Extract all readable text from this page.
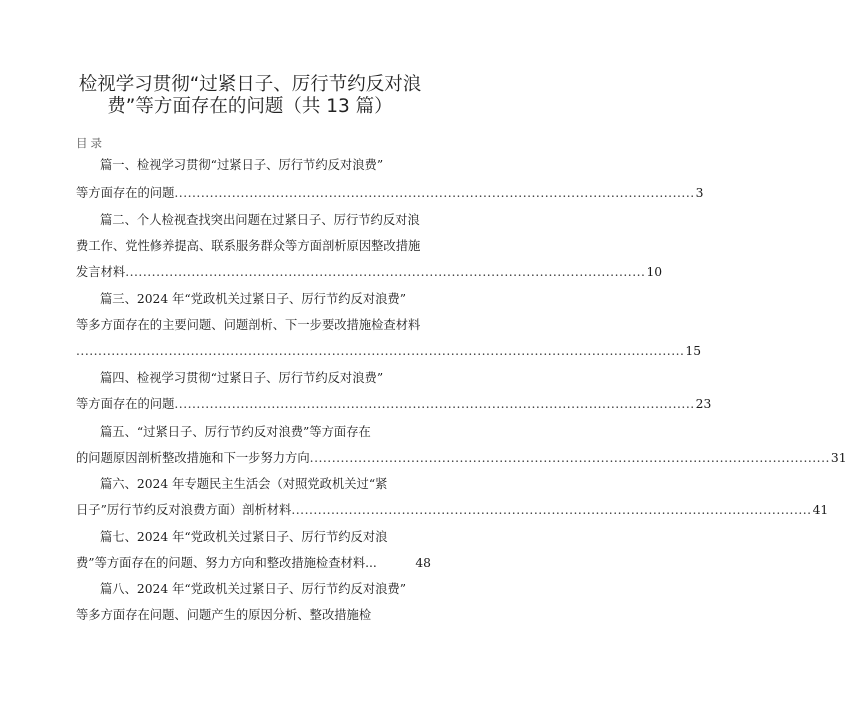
检视学习贯彻“过紧日子、厉行节约反对浪
费”等方面存在的问题（共 13 篇）
目录
篇一、检视学习贯彻“过紧日子、厉行节约反对浪费”
等方面存在的问题 ...................................................................................................................... 3
篇二、个人检视查找突出问题在过紧日子、厉行节约反对浪
费工作、党性修养提高、联系服务群众等方面剖析原因整改措施
发言材料 ...................................................................................................................... 10
篇三、2024 年“党政机关过紧日子、厉行节约反对浪费”
等多方面存在的主要问题、问题剖析、下一步要改措施检查材料
.......................................................................................................................................... 15
篇四、检视学习贯彻“过紧日子、厉行节约反对浪费”
等方面存在的问题 ...................................................................................................................... 23
篇五、“过紧日子、厉行节约反对浪费”等方面存在
的问题原因剖析整改措施和下一步努力方向 ...................................................................................................................... 31
篇六、2024 年专题民主生活会（对照党政机关过“紧
日子”厉行节约反对浪费方面）剖析材料 ...................................................................................................................... 41
篇七、2024 年“党政机关过紧日子、厉行节约反对浪
费”等方面存在的问题、努力方向和整改措施检查材料...	48
篇八、2024 年“党政机关过紧日子、厉行节约反对浪费”
等多方面存在问题、问题产生的原因分析、整改措施检
